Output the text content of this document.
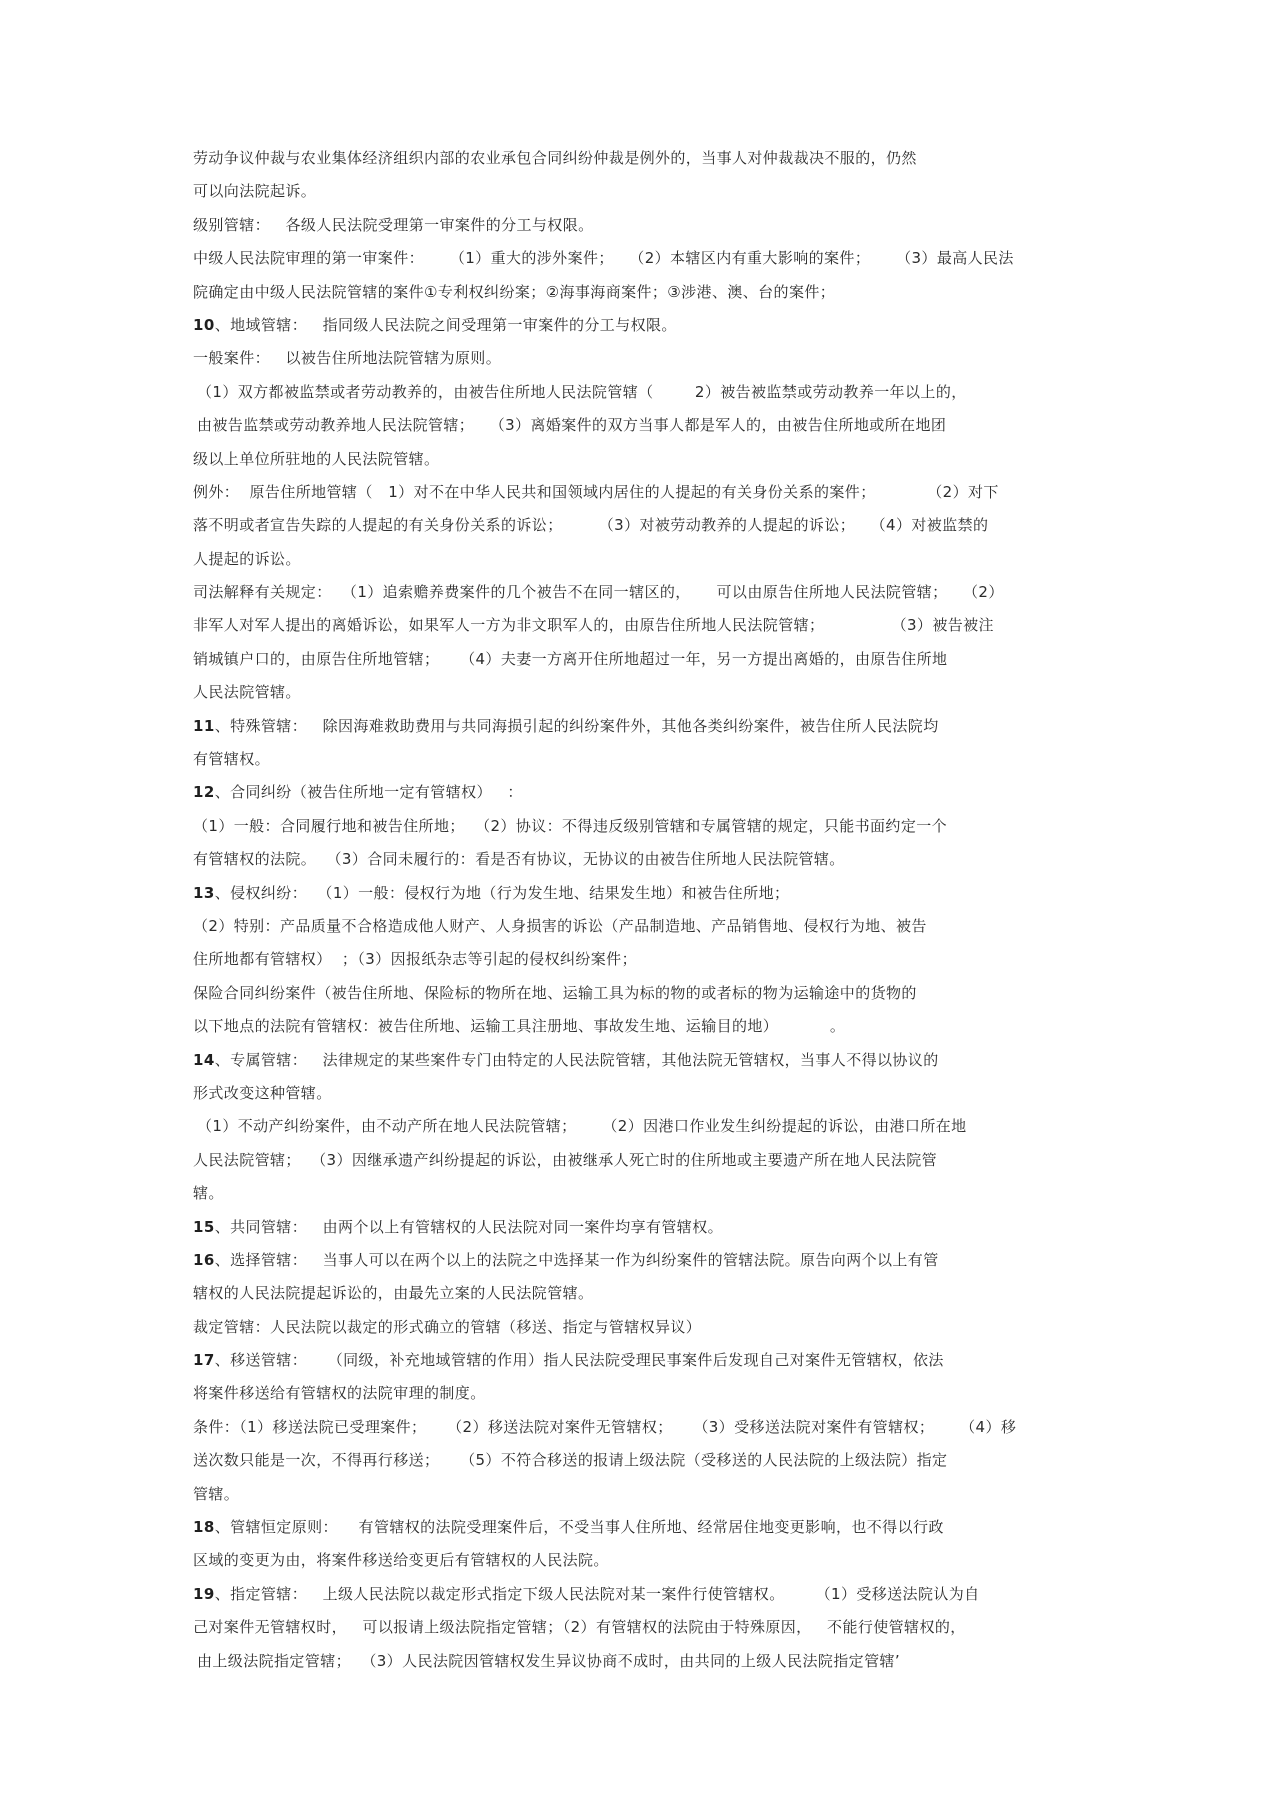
劳动争议仲裁与农业集体经济组织内部的农业承包合同纠纷仲裁是例外的，当事人对仲裁裁决不服的，仍然
可以向法院起诉。
级别管辖：   各级人民法院受理第一审案件的分工与权限。
中级人民法院审理的第一审案件：     （1）重大的涉外案件；   （2）本辖区内有重大影响的案件；     （3）最高人民法
院确定由中级人民法院管辖的案件①专利权纠纷案；②海事海商案件；③涉港、澳、台的案件；
10、地域管辖：   指同级人民法院之间受理第一审案件的分工与权限。
一般案件：   以被告住所地法院管辖为原则。
（1）双方都被监禁或者劳动教养的，由被告住所地人民法院管辖（        2）被告被监禁或劳动教养一年以上的，
由被告监禁或劳动教养地人民法院管辖；   （3）离婚案件的双方当事人都是军人的，由被告住所地或所在地团
级以上单位所驻地的人民法院管辖。
例外：  原告住所地管辖（   1）对不在中华人民共和国领域内居住的人提起的有关身份关系的案件；          （2）对下
落不明或者宣告失踪的人提起的有关身份关系的诉讼；       （3）对被劳动教养的人提起的诉讼；   （4）对被监禁的
人提起的诉讼。
司法解释有关规定：  （1）追索赡养费案件的几个被告不在同一辖区的，     可以由原告住所地人民法院管辖；   （2）
非军人对军人提出的离婚诉讼，如果军人一方为非文职军人的，由原告住所地人民法院管辖；             （3）被告被注
销城镇户口的，由原告住所地管辖；    （4）夫妻一方离开住所地超过一年，另一方提出离婚的，由原告住所地
人民法院管辖。
11、特殊管辖：   除因海难救助费用与共同海损引起的纠纷案件外，其他各类纠纷案件，被告住所人民法院均
有管辖权。
12、合同纠纷（被告住所地一定有管辖权）   ：
（1）一般：合同履行地和被告住所地；  （2）协议：不得违反级别管辖和专属管辖的规定，只能书面约定一个
有管辖权的法院。  （3）合同未履行的：看是否有协议，无协议的由被告住所地人民法院管辖。
13、侵权纠纷：  （1）一般：侵权行为地（行为发生地、结果发生地）和被告住所地；
（2）特别：产品质量不合格造成他人财产、人身损害的诉讼（产品制造地、产品销售地、侵权行为地、被告
住所地都有管辖权）  ；（3）因报纸杂志等引起的侵权纠纷案件；
保险合同纠纷案件（被告住所地、保险标的物所在地、运输工具为标的物的或者标的物为运输途中的货物的
以下地点的法院有管辖权：被告住所地、运输工具注册地、事故发生地、运输目的地）          。
14、专属管辖：   法律规定的某些案件专门由特定的人民法院管辖，其他法院无管辖权，当事人不得以协议的
形式改变这种管辖。
（1）不动产纠纷案件，由不动产所在地人民法院管辖；     （2）因港口作业发生纠纷提起的诉讼，由港口所在地
人民法院管辖；  （3）因继承遗产纠纷提起的诉讼，由被继承人死亡时的住所地或主要遗产所在地人民法院管
辖。
15、共同管辖：   由两个以上有管辖权的人民法院对同一案件均享有管辖权。
16、选择管辖：   当事人可以在两个以上的法院之中选择某一作为纠纷案件的管辖法院。原告向两个以上有管
辖权的人民法院提起诉讼的，由最先立案的人民法院管辖。
裁定管辖：人民法院以裁定的形式确立的管辖（移送、指定与管辖权异议）
17、移送管辖：    （同级，补充地域管辖的作用）指人民法院受理民事案件后发现自己对案件无管辖权，依法
将案件移送给有管辖权的法院审理的制度。
条件：（1）移送法院已受理案件；    （2）移送法院对案件无管辖权；    （3）受移送法院对案件有管辖权；     （4）移
送次数只能是一次，不得再行移送；    （5）不符合移送的报请上级法院（受移送的人民法院的上级法院）指定
管辖。
18、管辖恒定原则：    有管辖权的法院受理案件后，不受当事人住所地、经常居住地变更影响，也不得以行政
区域的变更为由，将案件移送给变更后有管辖权的人民法院。
19、指定管辖：   上级人民法院以裁定形式指定下级人民法院对某一案件行使管辖权。      （1）受移送法院认为自
己对案件无管辖权时，   可以报请上级法院指定管辖；（2）有管辖权的法院由于特殊原因，   不能行使管辖权的，
由上级法院指定管辖；  （3）人民法院因管辖权发生异议协商不成时，由共同的上级人民法院指定管辖’
